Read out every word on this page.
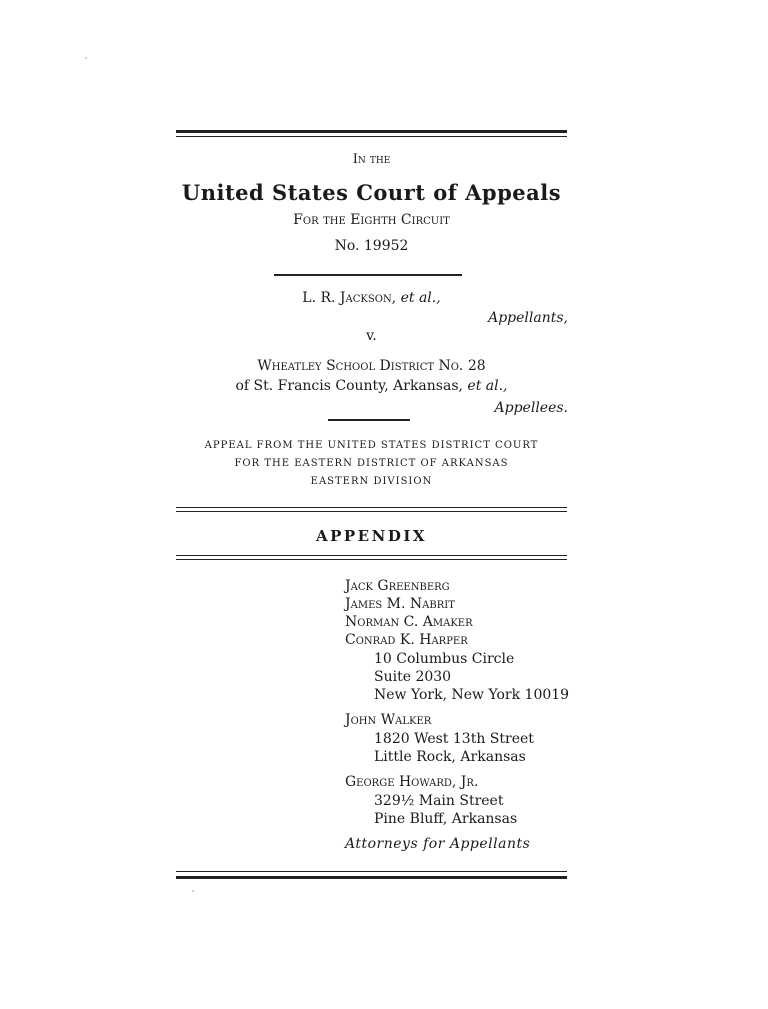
In the
United States Court of Appeals
For the Eighth Circuit
No. 19952
L. R. Jackson, et al.,
Appellants,
v.
Wheatley School District No. 28
of St. Francis County, Arkansas, et al.,
Appellees.
APPEAL FROM THE UNITED STATES DISTRICT COURT
FOR THE EASTERN DISTRICT OF ARKANSAS
EASTERN DIVISION
APPENDIX
Jack Greenberg
James M. Nabrit
Norman C. Amaker
Conrad K. Harper
10 Columbus Circle
Suite 2030
New York, New York 10019
John Walker
1820 West 13th Street
Little Rock, Arkansas
George Howard, Jr.
329½ Main Street
Pine Bluff, Arkansas
Attorneys for Appellants
